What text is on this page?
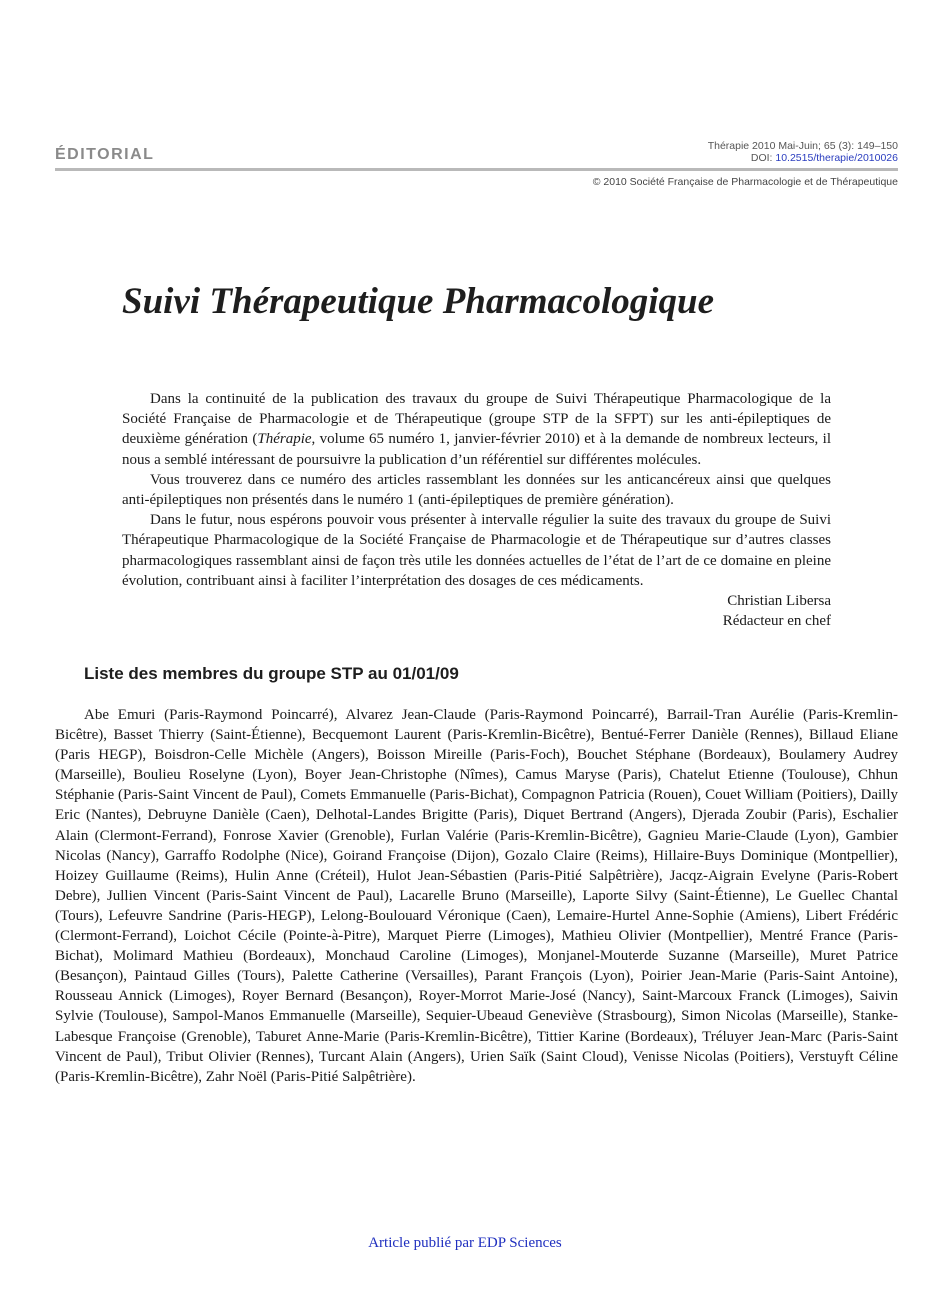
ÉDITORIAL	Thérapie 2010 Mai-Juin; 65 (3): 149–150
DOI: 10.2515/therapie/2010026
© 2010 Société Française de Pharmacologie et de Thérapeutique
Suivi Thérapeutique Pharmacologique

Dans la continuité de la publication des travaux du groupe de Suivi Thérapeutique Pharmacologique de la Société Française de Pharmacologie et de Thérapeutique (groupe STP de la SFPT) sur les anti-épileptiques de deuxième génération (Thérapie, volume 65 numéro 1, janvier-février 2010) et à la demande de nombreux lecteurs, il nous a semblé intéressant de poursuivre la publication d’un référentiel sur différentes molécules.

Vous trouverez dans ce numéro des articles rassemblant les données sur les anticancéreux ainsi que quelques anti-épileptiques non présentés dans le numéro 1 (anti-épileptiques de première génération).

Dans le futur, nous espérons pouvoir vous présenter à intervalle régulier la suite des travaux du groupe de Suivi Thérapeutique Pharmacologique de la Société Française de Pharmacologie et de Thérapeutique sur d’autres classes pharmacologiques rassemblant ainsi de façon très utile les données actuelles de l’état de l’art de ce domaine en pleine évolution, contribuant ainsi à faciliter l’interprétation des dosages de ces médicaments.

Christian Libersa
Rédacteur en chef
Liste des membres du groupe STP au 01/01/09

Abe Emuri (Paris-Raymond Poincarré), Alvarez Jean-Claude (Paris-Raymond Poincarré), Barrail-Tran Aurélie (Paris-Kremlin-Bicêtre), Basset Thierry (Saint-Étienne), Becquemont Laurent (Paris-Kremlin-Bicêtre), Bentué-Ferrer Danièle (Rennes), Billaud Eliane (Paris HEGP), Boisdron-Celle Michèle (Angers), Boisson Mireille (Paris-Foch), Bouchet Stéphane (Bordeaux), Boulamery Audrey (Marseille), Boulieu Roselyne (Lyon), Boyer Jean-Christophe (Nîmes), Camus Maryse (Paris), Chatelut Etienne (Toulouse), Chhun Stéphanie (Paris-Saint Vincent de Paul), Comets Emmanuelle (Paris-Bichat), Compagnon Patricia (Rouen), Couet William (Poitiers), Dailly Eric (Nantes), Debruyne Danièle (Caen), Delhotal-Landes Brigitte (Paris), Diquet Bertrand (Angers), Djerada Zoubir (Paris), Eschalier Alain (Clermont-Ferrand), Fonrose Xavier (Grenoble), Furlan Valérie (Paris-Kremlin-Bicêtre), Gagnieu Marie-Claude (Lyon), Gambier Nicolas (Nancy), Garraffo Rodolphe (Nice), Goirand Françoise (Dijon), Gozalo Claire (Reims), Hillaire-Buys Dominique (Montpellier), Hoizey Guillaume (Reims), Hulin Anne (Créteil), Hulot Jean-Sébastien (Paris-Pitié Salpêtrière), Jacqz-Aigrain Evelyne (Paris-Robert Debre), Jullien Vincent (Paris-Saint Vincent de Paul), Lacarelle Bruno (Marseille), Laporte Silvy (Saint-Étienne), Le Guellec Chantal (Tours), Lefeuvre Sandrine (Paris-HEGP), Lelong-Boulouard Véronique (Caen), Lemaire-Hurtel Anne-Sophie (Amiens), Libert Frédéric (Clermont-Ferrand), Loichot Cécile (Pointe-à-Pitre), Marquet Pierre (Limoges), Mathieu Olivier (Montpellier), Mentré France (Paris-Bichat), Molimard Mathieu (Bordeaux), Monchaud Caroline (Limoges), Monjanel-Mouterde Suzanne (Marseille), Muret Patrice (Besançon), Paintaud Gilles (Tours), Palette Catherine (Versailles), Parant François (Lyon), Poirier Jean-Marie (Paris-Saint Antoine), Rousseau Annick (Limoges), Royer Bernard (Besançon), Royer-Morrot Marie-José (Nancy), Saint-Marcoux Franck (Limoges), Saivin Sylvie (Toulouse), Sampol-Manos Emmanuelle (Marseille), Sequier-Ubeaud Geneviève (Strasbourg), Simon Nicolas (Marseille), Stanke-Labesque Françoise (Grenoble), Taburet Anne-Marie (Paris-Kremlin-Bicêtre), Tittier Karine (Bordeaux), Tréluyer Jean-Marc (Paris-Saint Vincent de Paul), Tribut Olivier (Rennes), Turcant Alain (Angers), Urien Saïk (Saint Cloud), Venisse Nicolas (Poitiers), Verstuyft Céline (Paris-Kremlin-Bicêtre), Zahr Noël (Paris-Pitié Salpêtrière).

Article publié par EDP Sciences
